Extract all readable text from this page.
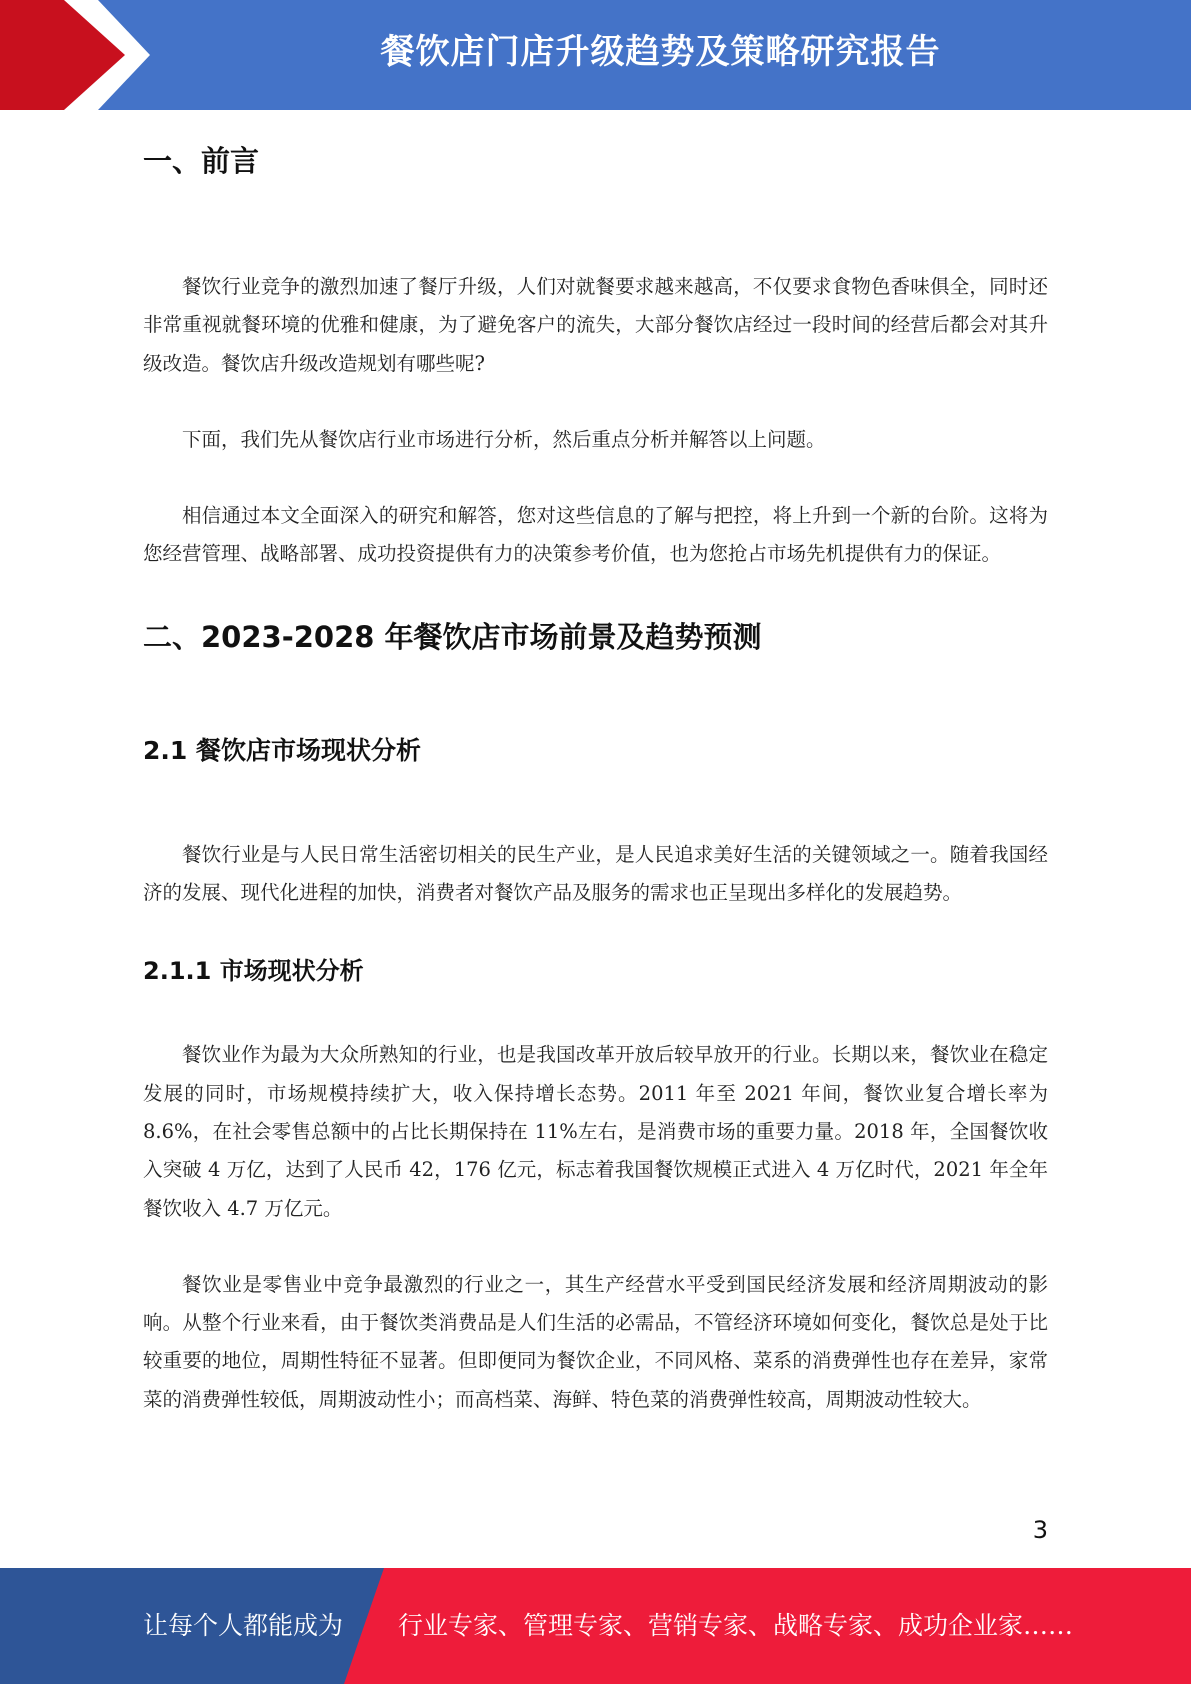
餐饮店门店升级趋势及策略研究报告
一、前言

餐饮行业竞争的激烈加速了餐厅升级，人们对就餐要求越来越高，不仅要求食物色香味俱全，同时还非常重视就餐环境的优雅和健康，为了避免客户的流失，大部分餐饮店经过一段时间的经营后都会对其升级改造。餐饮店升级改造规划有哪些呢?

下面，我们先从餐饮店行业市场进行分析，然后重点分析并解答以上问题。

相信通过本文全面深入的研究和解答，您对这些信息的了解与把控，将上升到一个新的台阶。这将为您经营管理、战略部署、成功投资提供有力的决策参考价值，也为您抢占市场先机提供有力的保证。

二、2023-2028 年餐饮店市场前景及趋势预测
2.1 餐饮店市场现状分析

餐饮行业是与人民日常生活密切相关的民生产业，是人民追求美好生活的关键领域之一。随着我国经济的发展、现代化进程的加快，消费者对餐饮产品及服务的需求也正呈现出多样化的发展趋势。

2.1.1 市场现状分析

餐饮业作为最为大众所熟知的行业，也是我国改革开放后较早放开的行业。长期以来，餐饮业在稳定发展的同时，市场规模持续扩大，收入保持增长态势。2011 年至 2021 年间，餐饮业复合增长率为 8.6%，在社会零售总额中的占比长期保持在 11%左右，是消费市场的重要力量。2018 年，全国餐饮收入突破 4 万亿，达到了人民币 42，176 亿元，标志着我国餐饮规模正式进入 4 万亿时代，2021 年全年餐饮收入 4.7 万亿元。

餐饮业是零售业中竞争最激烈的行业之一，其生产经营水平受到国民经济发展和经济周期波动的影响。从整个行业来看，由于餐饮类消费品是人们生活的必需品，不管经济环境如何变化，餐饮总是处于比较重要的地位，周期性特征不显著。但即便同为餐饮企业，不同风格、菜系的消费弹性也存在差异，家常菜的消费弹性较低，周期波动性小；而高档菜、海鲜、特色菜的消费弹性较高，周期波动性较大。

3
让每个人都能成为 行业专家、管理专家、营销专家、战略专家、成功企业家……
